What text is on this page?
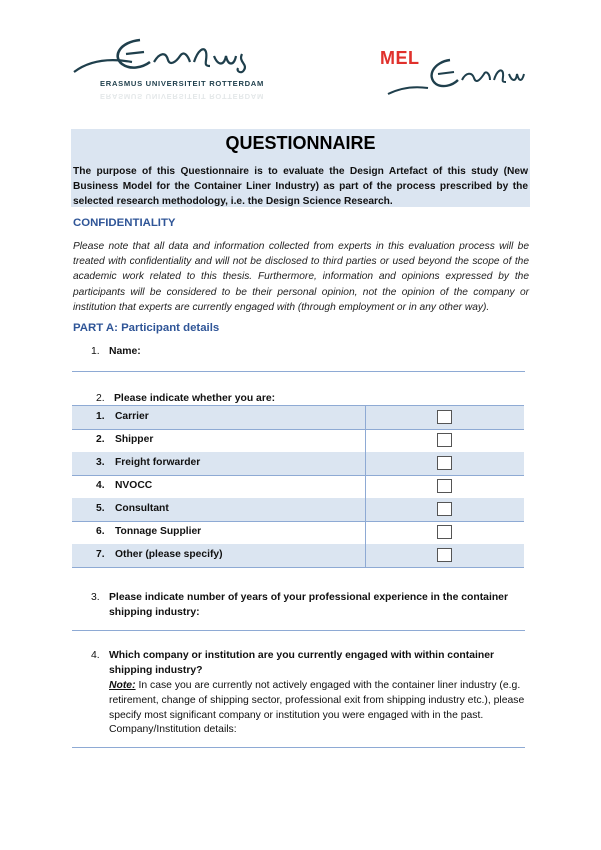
ERASMUS UNIVERSITEIT ROTTERDAM
ERASMUS UNIVERSITEIT ROTTERDAM
MEL
QUESTIONNAIRE
The purpose of this Questionnaire is to evaluate the Design Artefact of this study (New Business Model for the Container Liner Industry) as part of the process prescribed by the selected research methodology, i.e. the Design Science Research.
CONFIDENTIALITY
Please note that all data and information collected from experts in this evaluation process will be treated with confidentiality and will not be disclosed to third parties or used beyond the scope of the academic work related to this thesis. Furthermore, information and opinions expressed by the participants will be considered to be their personal opinion, not the opinion of the company or institution that experts are currently engaged with (through employment or in any other way).
PART A: Participant details
1. Name:
2. Please indicate whether you are:
1. Carrier
2. Shipper
3. Freight forwarder
4. NVOCC
5. Consultant
6. Tonnage Supplier
7. Other (please specify)
3. Please indicate number of years of your professional experience in the container shipping industry:
4. Which company or institution are you currently engaged with within container shipping industry?
Note: In case you are currently not actively engaged with the container liner industry (e.g. retirement, change of shipping sector, professional exit from shipping industry etc.), please specify most significant company or institution you were engaged with in the past.
Company/Institution details:
